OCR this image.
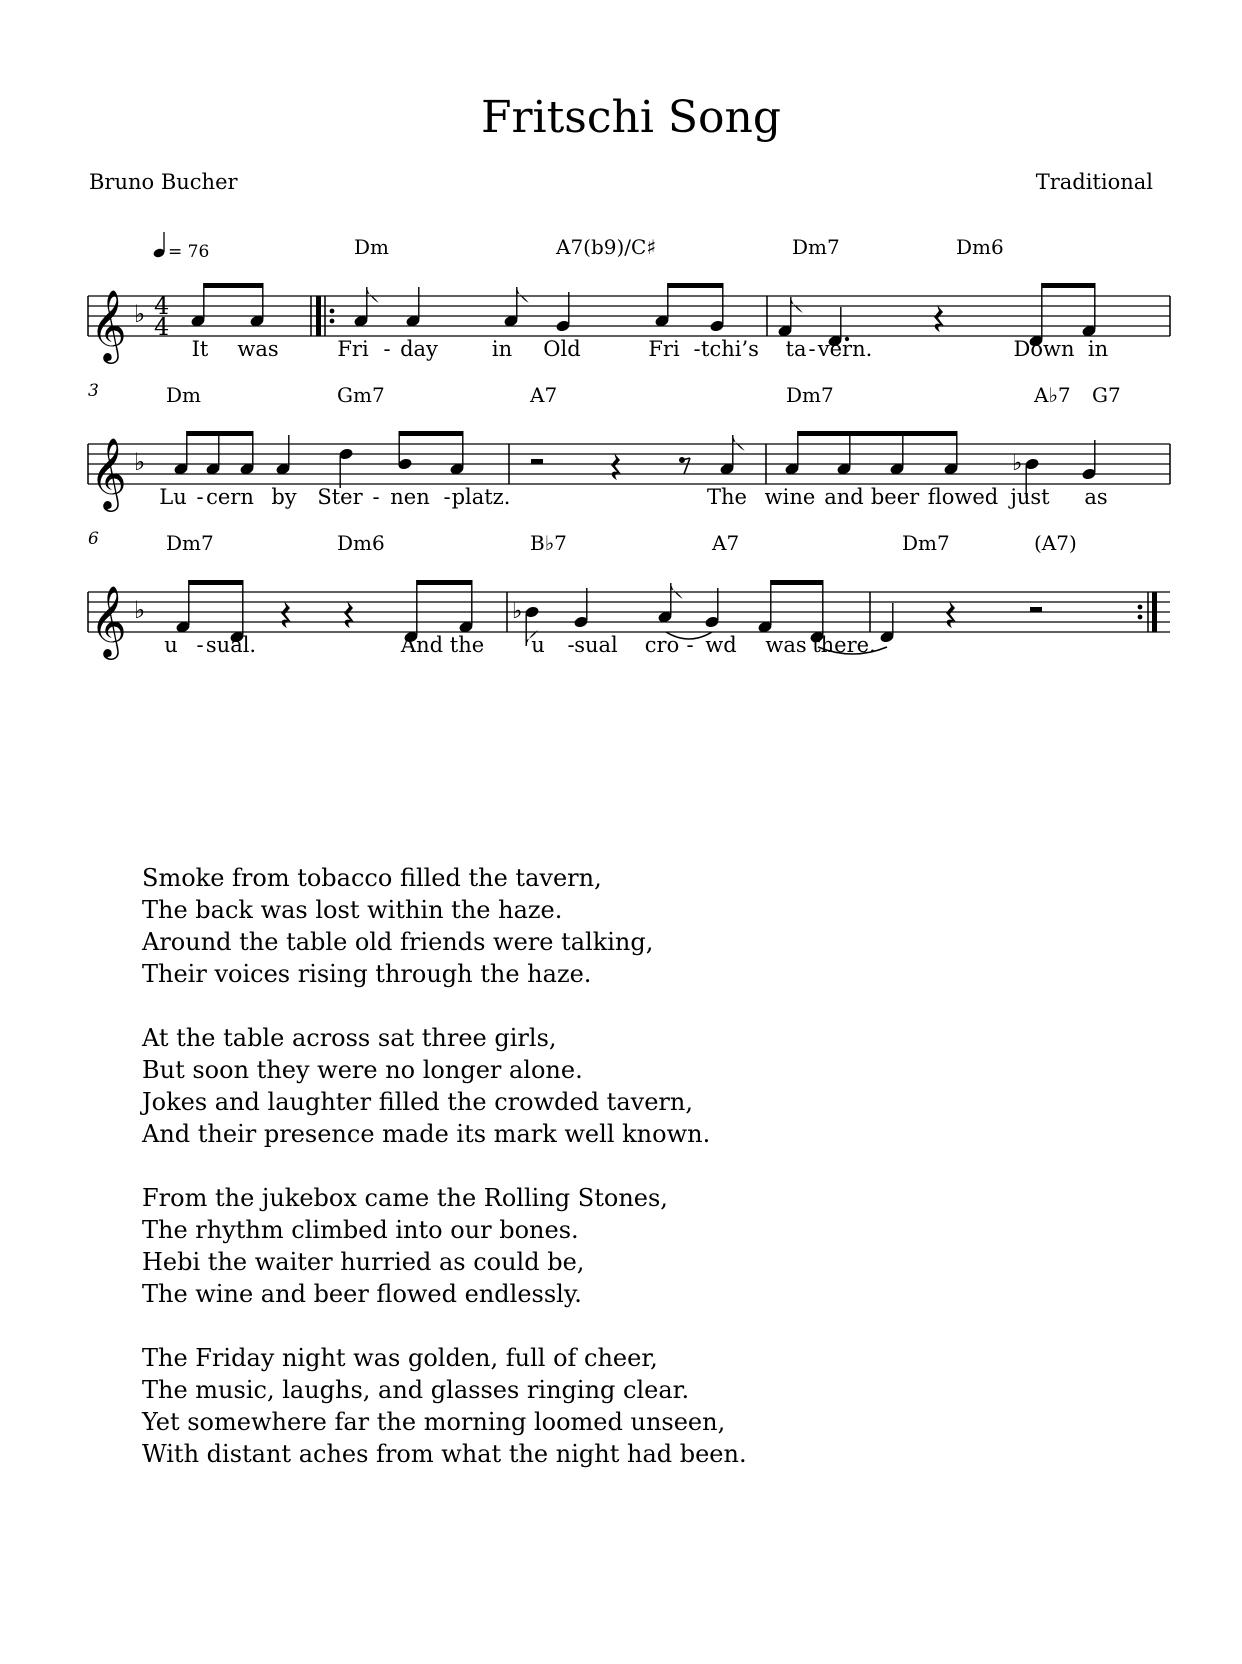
Fritschi Song
Bruno Bucher	Traditional
𝄞 ♭ 4
4
= 76	Dm	A7(b9)/C♯	Dm7	Dm6
It was	Fri - day	in Old	Fri - tchi’s ta - vern.	Down in
𝄞 ♭
3
♭
Dm	Gm7	A7	Dm7	A♭7 G7
Lu - cern by Ster - nen - platz.	The wine and beer flowed just as
𝄞 ♭
6
♭
Dm7	Dm6	B♭7	A7	Dm7	(A7)
u - sual.	And the u - sual cro - wd was there.
Smoke from tobacco filled the tavern,
The back was lost within the haze.
Around the table old friends were talking,
Their voices rising through the haze.
At the table across sat three girls,
But soon they were no longer alone.
Jokes and laughter filled the crowded tavern,
And their presence made its mark well known.
From the jukebox came the Rolling Stones,
The rhythm climbed into our bones.
Hebi the waiter hurried as could be,
The wine and beer flowed endlessly.
The Friday night was golden, full of cheer,
The music, laughs, and glasses ringing clear.
Yet somewhere far the morning loomed unseen,
With distant aches from what the night had been.
